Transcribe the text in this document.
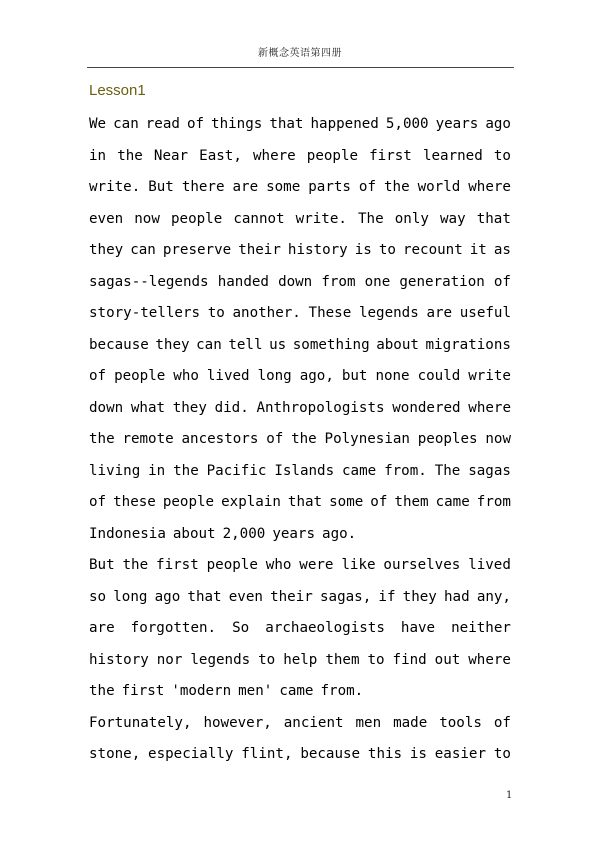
新概念英语第四册
Lesson1
We can read of things that happened 5,000 years ago
in the Near East, where people first learned to
write. But there are some parts of the world where
even now people cannot write. The only way that
they can preserve their history is to recount it as
sagas--legends handed down from one generation of
story-tellers to another. These legends are useful
because they can tell us something about migrations
of people who lived long ago, but none could write
down what they did. Anthropologists wondered where
the remote ancestors of the Polynesian peoples now
living in the Pacific Islands came from. The sagas
of these people explain that some of them came from
Indonesia about 2,000 years ago.
But the first people who were like ourselves lived
so long ago that even their sagas, if they had any,
are forgotten. So archaeologists have neither
history nor legends to help them to find out where
the first 'modern men' came from.
Fortunately, however, ancient men made tools of
stone, especially flint, because this is easier to
1
